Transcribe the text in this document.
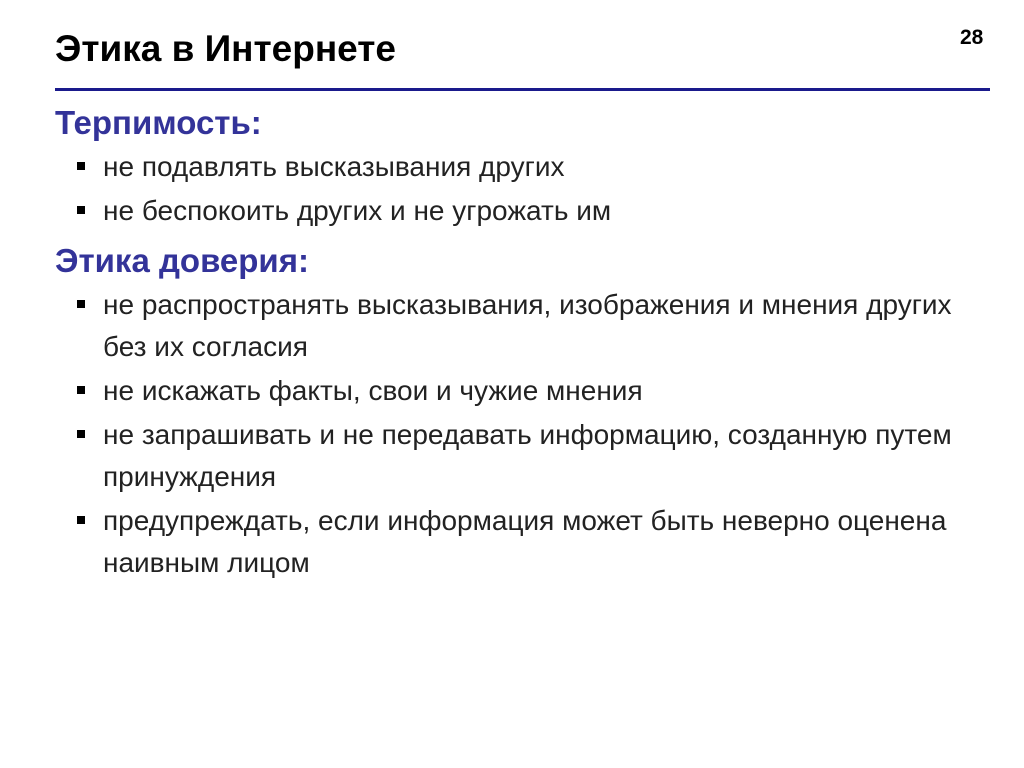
Этика в Интернете	28
Терпимость:
не подавлять высказывания других
не беспокоить других и не угрожать им
Этика доверия:
не распространять высказывания, изображения и мнения других без их согласия
не искажать факты, свои и чужие мнения
не запрашивать и не передавать информацию, созданную путем принуждения
предупреждать, если информация может быть неверно оценена наивным лицом
